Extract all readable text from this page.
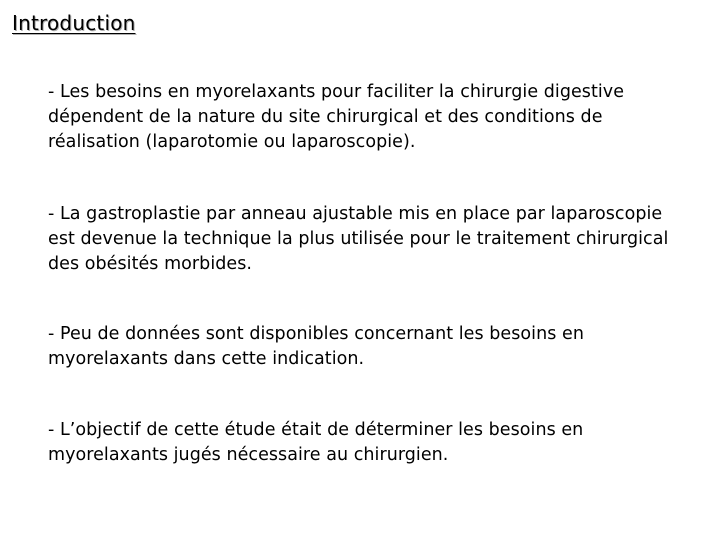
Introduction
- Les besoins en myorelaxants pour faciliter la chirurgie digestive dépendent de la nature du site chirurgical et des conditions de réalisation (laparotomie ou laparoscopie).
- La gastroplastie par anneau ajustable mis en place par laparoscopie est devenue la technique la plus utilisée pour le traitement chirurgical des obésités morbides.
- Peu de données sont disponibles concernant les besoins en myorelaxants dans cette indication.
- L’objectif de cette étude était de déterminer les besoins en myorelaxants jugés nécessaire au chirurgien.
